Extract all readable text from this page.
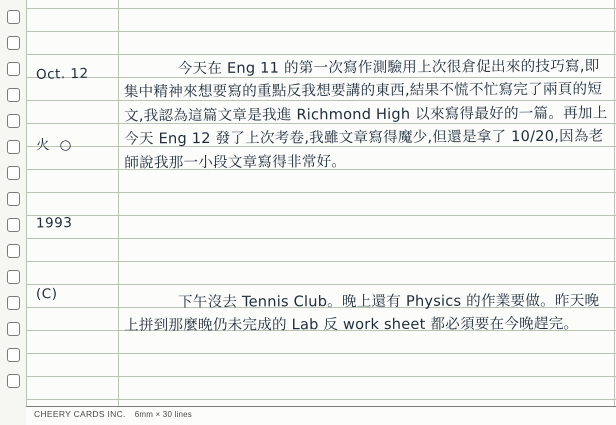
Oct. 12

火  ○

1993

(C)

今天在 Eng 11 的第一次寫作測驗用上次很倉促出來的技巧寫,即集中精神來想要寫的重點反我想要講的東西,結果不慌不忙寫完了兩頁的短文,我認為這篇文章是我進 Richmond High 以來寫得最好的一篇。再加上今天 Eng 12 發了上次考卷,我雖文章寫得魔少,但還是拿了 10/20,因為老師說我那一小段文章寫得非常好。

下午沒去 Tennis Club。晚上還有 Physics 的作業要做。昨天晚上拼到那麼晚仍未完成的 Lab 反 work sheet 都必須要在今晚趕完。

CHEERY CARDS INC. 6mm × 30 lines
